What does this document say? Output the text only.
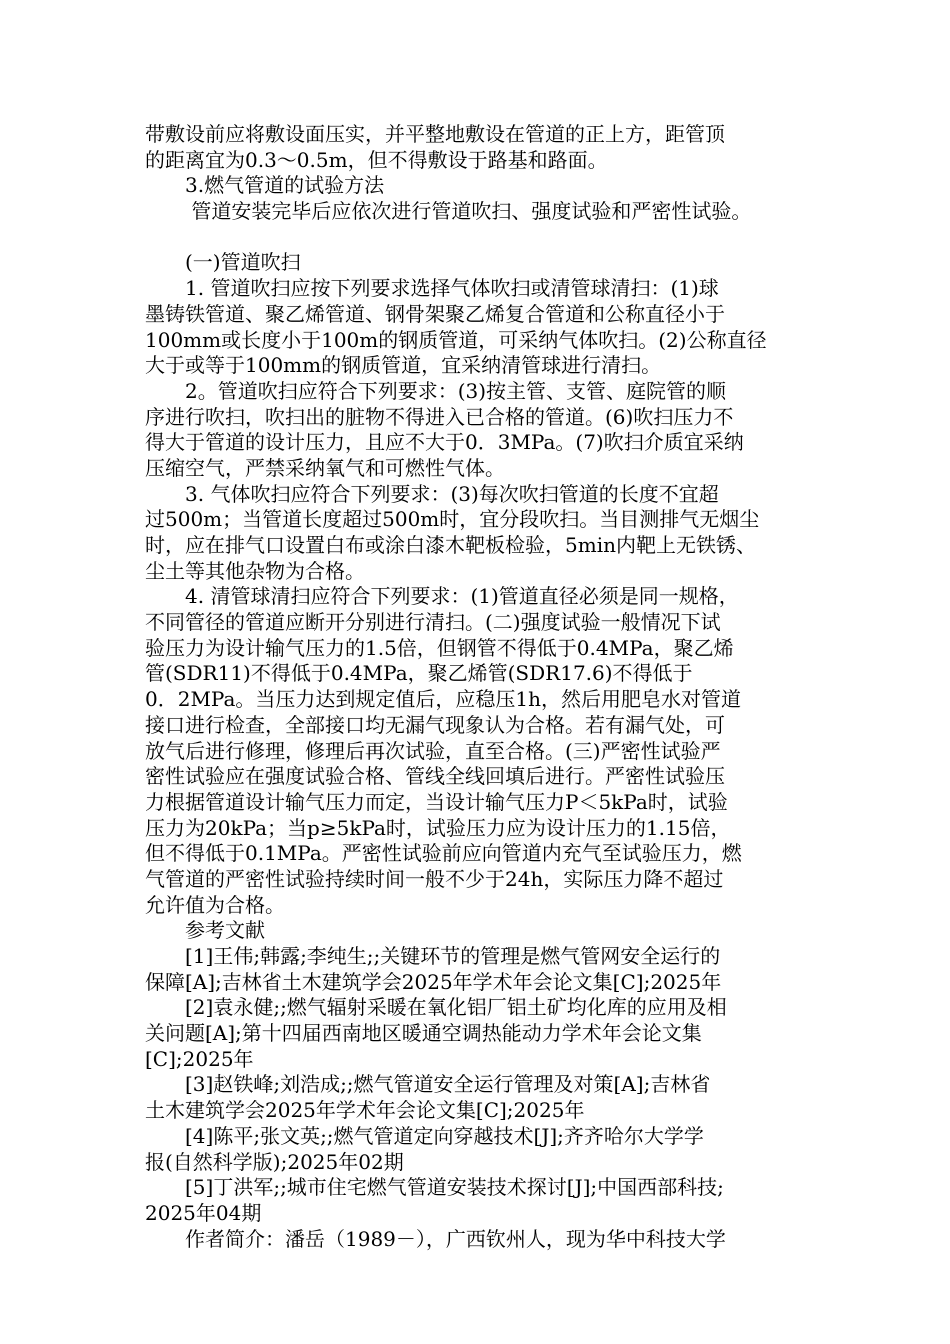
带敷设前应将敷设面压实，并平整地敷设在管道的正上方，距管顶
的距离宜为0.3～0.5m，但不得敷设于路基和路面。
　　3.燃气管道的试验方法
　　 管道安装完毕后应依次进行管道吹扫、强度试验和严密性试验。
　　(一)管道吹扫
　　1. 管道吹扫应按下列要求选择气体吹扫或清管球清扫：(1)球
墨铸铁管道、聚乙烯管道、钢骨架聚乙烯复合管道和公称直径小于
100mm或长度小于100m的钢质管道，可采纳气体吹扫。(2)公称直径
大于或等于100mm的钢质管道，宜采纳清管球进行清扫。
　　2。管道吹扫应符合下列要求：(3)按主管、支管、庭院管的顺
序进行吹扫，吹扫出的脏物不得进入已合格的管道。(6)吹扫压力不
得大于管道的设计压力，且应不大于0．3MPa。(7)吹扫介质宜采纳
压缩空气，严禁采纳氧气和可燃性气体。
　　3. 气体吹扫应符合下列要求：(3)每次吹扫管道的长度不宜超
过500m；当管道长度超过500m时，宜分段吹扫。当目测排气无烟尘
时，应在排气口设置白布或涂白漆木靶板检验，5min内靶上无铁锈、
尘土等其他杂物为合格。
　　4. 清管球清扫应符合下列要求：(1)管道直径必须是同一规格，
不同管径的管道应断开分别进行清扫。(二)强度试验一般情况下试
验压力为设计输气压力的1.5倍，但钢管不得低于0.4MPa，聚乙烯
管(SDR11)不得低于0.4MPa，聚乙烯管(SDR17.6)不得低于
0．2MPa。当压力达到规定值后，应稳压1h，然后用肥皂水对管道
接口进行检查，全部接口均无漏气现象认为合格。若有漏气处，可
放气后进行修理，修理后再次试验，直至合格。(三)严密性试验严
密性试验应在强度试验合格、管线全线回填后进行。严密性试验压
力根据管道设计输气压力而定，当设计输气压力P＜5kPa时，试验
压力为20kPa；当p≥5kPa时，试验压力应为设计压力的1.15倍，
但不得低于0.1MPa。严密性试验前应向管道内充气至试验压力，燃
气管道的严密性试验持续时间一般不少于24h，实际压力降不超过
允许值为合格。
　　参考文献
　　[1]王伟;韩露;李纯生;;关键环节的管理是燃气管网安全运行的
保障[A];吉林省土木建筑学会2025年学术年会论文集[C];2025年
　　[2]袁永健;;燃气辐射采暖在氧化铝厂铝土矿均化库的应用及相
关问题[A];第十四届西南地区暖通空调热能动力学术年会论文集
[C];2025年
　　[3]赵铁峰;刘浩成;;燃气管道安全运行管理及对策[A];吉林省
土木建筑学会2025年学术年会论文集[C];2025年
　　[4]陈平;张文英;;燃气管道定向穿越技术[J];齐齐哈尔大学学
报(自然科学版);2025年02期
　　[5]丁洪军;;城市住宅燃气管道安装技术探讨[J];中国西部科技;
2025年04期
　　作者简介：潘岳（1989－），广西钦州人，现为华中科技大学
